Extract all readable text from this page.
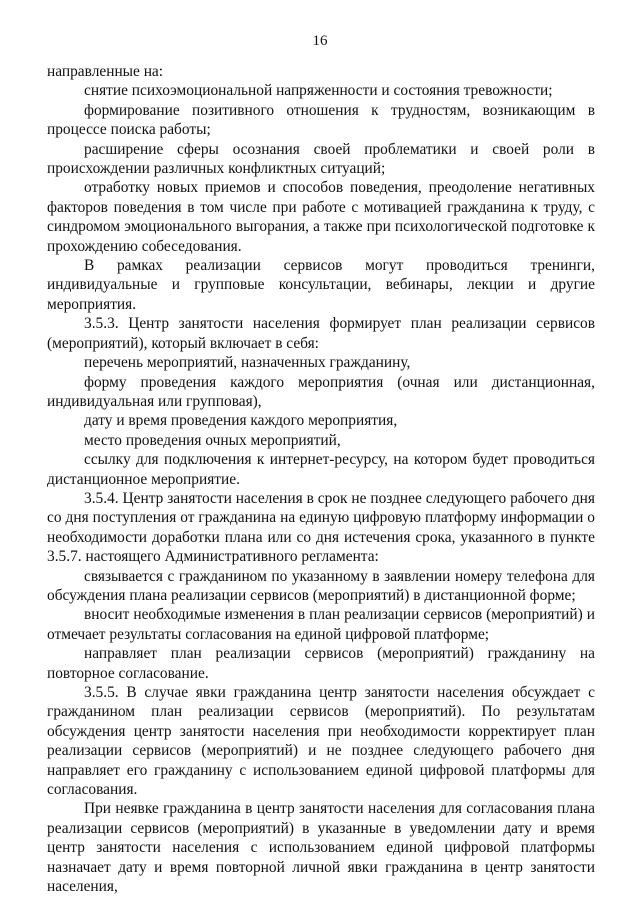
16

направленные на:

снятие психоэмоциональной напряженности и состояния тревожности;

формирование позитивного отношения к трудностям, возникающим в процессе поиска работы;

расширение сферы осознания своей проблематики и своей роли в происхождении различных конфликтных ситуаций;

отработку новых приемов и способов поведения, преодоление негативных факторов поведения в том числе при работе с мотивацией гражданина к труду, с синдромом эмоционального выгорания, а также при психологической подготовке к прохождению собеседования.

В рамках реализации сервисов могут проводиться тренинги, индивидуальные и групповые консультации, вебинары, лекции и другие мероприятия.

3.5.3. Центр занятости населения формирует план реализации сервисов (мероприятий), который включает в себя:

перечень мероприятий, назначенных гражданину,

форму проведения каждого мероприятия (очная или дистанционная, индивидуальная или групповая),

дату и время проведения каждого мероприятия,

место проведения очных мероприятий,

ссылку для подключения к интернет-ресурсу, на котором будет проводиться дистанционное мероприятие.

3.5.4. Центр занятости населения в срок не позднее следующего рабочего дня со дня поступления от гражданина на единую цифровую платформу информации о необходимости доработки плана или со дня истечения срока, указанного в пункте 3.5.7. настоящего Административного регламента:

связывается с гражданином по указанному в заявлении номеру телефона для обсуждения плана реализации сервисов (мероприятий) в дистанционной форме;

вносит необходимые изменения в план реализации сервисов (мероприятий) и отмечает результаты согласования на единой цифровой платформе;

направляет план реализации сервисов (мероприятий) гражданину на повторное согласование.

3.5.5. В случае явки гражданина центр занятости населения обсуждает с гражданином план реализации сервисов (мероприятий). По результатам обсуждения центр занятости населения при необходимости корректирует план реализации сервисов (мероприятий) и не позднее следующего рабочего дня направляет его гражданину с использованием единой цифровой платформы для согласования.

При неявке гражданина в центр занятости населения для согласования плана реализации сервисов (мероприятий) в указанные в уведомлении дату и время центр занятости населения с использованием единой цифровой платформы назначает дату и время повторной личной явки гражданина в центр занятости населения,
